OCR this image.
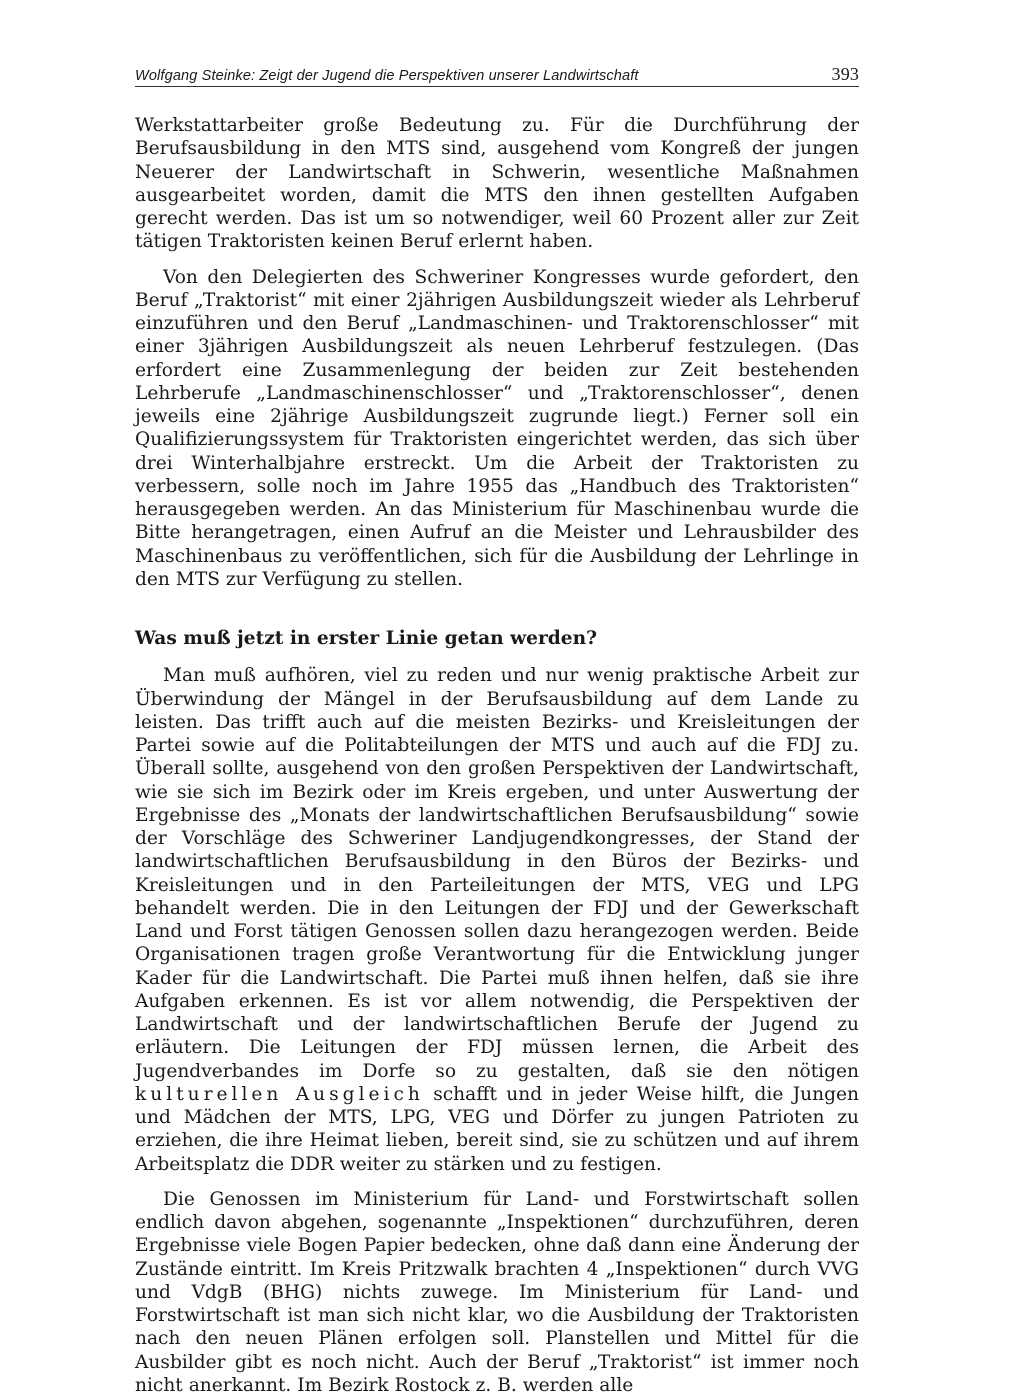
Wolfgang Steinke: Zeigt der Jugend die Perspektiven unserer Landwirtschaft	393

Werkstattarbeiter große Bedeutung zu. Für die Durchführung der Berufsausbildung in den MTS sind, ausgehend vom Kongreß der jungen Neuerer der Landwirtschaft in Schwerin, wesentliche Maßnahmen ausgearbeitet worden, damit die MTS den ihnen gestellten Aufgaben gerecht werden. Das ist um so notwendiger, weil 60 Prozent aller zur Zeit tätigen Traktoristen keinen Beruf erlernt haben.

Von den Delegierten des Schweriner Kongresses wurde gefordert, den Beruf „Traktorist“ mit einer 2jährigen Ausbildungszeit wieder als Lehrberuf einzuführen und den Beruf „Landmaschinen- und Traktorenschlosser“ mit einer 3jährigen Ausbildungszeit als neuen Lehrberuf festzulegen. (Das erfordert eine Zusammenlegung der beiden zur Zeit bestehenden Lehrberufe „Landmaschinenschlosser“ und „Traktorenschlosser“, denen jeweils eine 2jährige Ausbildungszeit zugrunde liegt.) Ferner soll ein Qualifizierungssystem für Traktoristen eingerichtet werden, das sich über drei Winterhalbjahre erstreckt. Um die Arbeit der Traktoristen zu verbessern, solle noch im Jahre 1955 das „Handbuch des Traktoristen“ herausgegeben werden. An das Ministerium für Maschinenbau wurde die Bitte herangetragen, einen Aufruf an die Meister und Lehrausbilder des Maschinenbaus zu veröffentlichen, sich für die Ausbildung der Lehrlinge in den MTS zur Verfügung zu stellen.

Was muß jetzt in erster Linie getan werden?

Man muß aufhören, viel zu reden und nur wenig praktische Arbeit zur Überwindung der Mängel in der Berufsausbildung auf dem Lande zu leisten. Das trifft auch auf die meisten Bezirks- und Kreisleitungen der Partei sowie auf die Politabteilungen der MTS und auch auf die FDJ zu. Überall sollte, ausgehend von den großen Perspektiven der Landwirtschaft, wie sie sich im Bezirk oder im Kreis ergeben, und unter Auswertung der Ergebnisse des „Monats der landwirtschaftlichen Berufsausbildung“ sowie der Vorschläge des Schweriner Landjugendkongresses, der Stand der landwirtschaftlichen Berufsausbildung in den Büros der Bezirks- und Kreisleitungen und in den Parteileitungen der MTS, VEG und LPG behandelt werden. Die in den Leitungen der FDJ und der Gewerkschaft Land und Forst tätigen Genossen sollen dazu herangezogen werden. Beide Organisationen tragen große Verantwortung für die Entwicklung junger Kader für die Landwirtschaft. Die Partei muß ihnen helfen, daß sie ihre Aufgaben erkennen. Es ist vor allem notwendig, die Perspektiven der Landwirtschaft und der landwirtschaftlichen Berufe der Jugend zu erläutern. Die Leitungen der FDJ müssen lernen, die Arbeit des Jugendverbandes im Dorfe so zu gestalten, daß sie den nötigen kulturellen Ausgleich schafft und in jeder Weise hilft, die Jungen und Mädchen der MTS, LPG, VEG und Dörfer zu jungen Patrioten zu erziehen, die ihre Heimat lieben, bereit sind, sie zu schützen und auf ihrem Arbeitsplatz die DDR weiter zu stärken und zu festigen.

Die Genossen im Ministerium für Land- und Forstwirtschaft sollen endlich davon abgehen, sogenannte „Inspektionen“ durchzuführen, deren Ergebnisse viele Bogen Papier bedecken, ohne daß dann eine Änderung der Zustände eintritt. Im Kreis Pritzwalk brachten 4 „Inspektionen“ durch VVG und VdgB (BHG) nichts zuwege. Im Ministerium für Land- und Forstwirtschaft ist man sich nicht klar, wo die Ausbildung der Traktoristen nach den neuen Plänen erfolgen soll. Planstellen und Mittel für die Ausbilder gibt es noch nicht. Auch der Beruf „Traktorist“ ist immer noch nicht anerkannt. Im Bezirk Rostock z. B. werden alle
